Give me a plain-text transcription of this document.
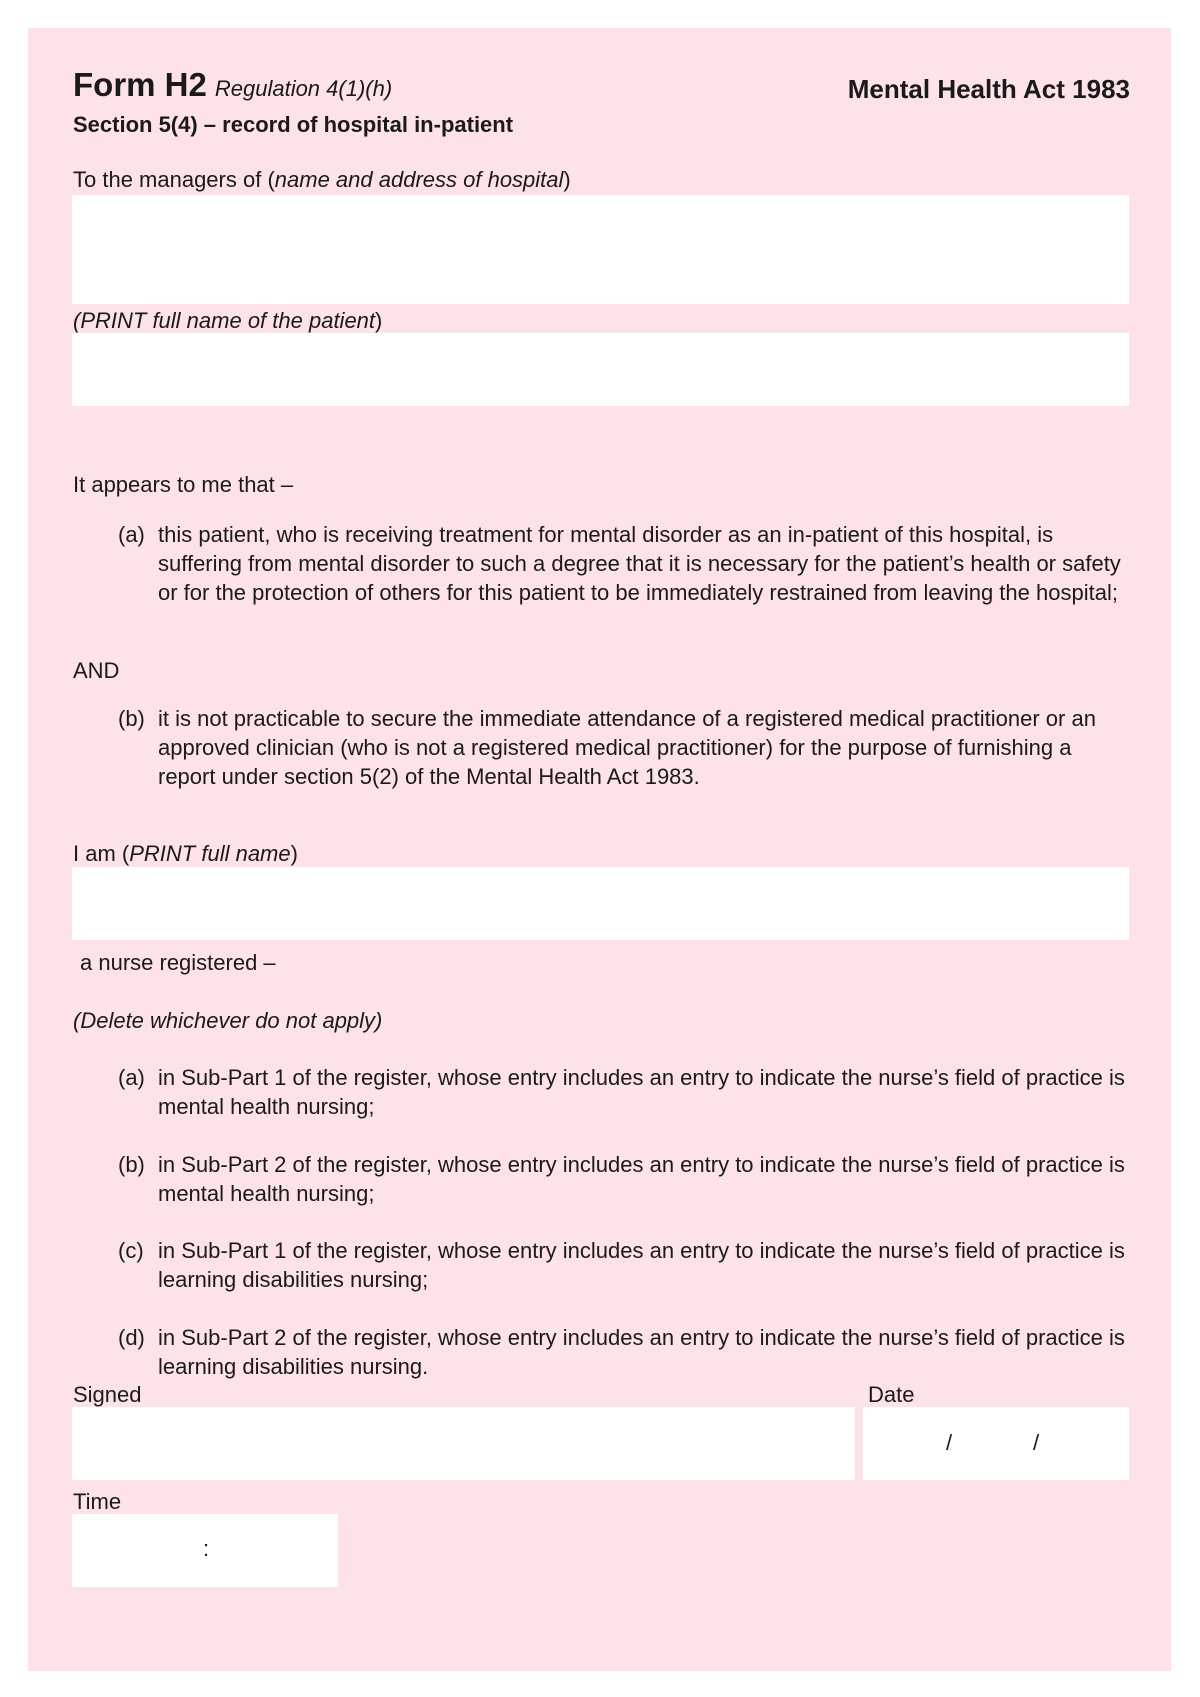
Form H2 Regulation 4(1)(h)	Mental Health Act 1983
Section 5(4) – record of hospital in-patient
To the managers of (name and address of hospital)
(PRINT full name of the patient)
It appears to me that –
(a) this patient, who is receiving treatment for mental disorder as an in-patient of this hospital, is suffering from mental disorder to such a degree that it is necessary for the patient’s health or safety or for the protection of others for this patient to be immediately restrained from leaving the hospital;
AND
(b) it is not practicable to secure the immediate attendance of a registered medical practitioner or an approved clinician (who is not a registered medical practitioner) for the purpose of furnishing a report under section 5(2) of the Mental Health Act 1983.
I am (PRINT full name)
a nurse registered –
(Delete whichever do not apply)
(a) in Sub-Part 1 of the register, whose entry includes an entry to indicate the nurse’s field of practice is mental health nursing;
(b) in Sub-Part 2 of the register, whose entry includes an entry to indicate the nurse’s field of practice is mental health nursing;
(c) in Sub-Part 1 of the register, whose entry includes an entry to indicate the nurse’s field of practice is learning disabilities nursing;
(d) in Sub-Part 2 of the register, whose entry includes an entry to indicate the nurse’s field of practice is learning disabilities nursing.
Signed	Date
/	/
Time
:
